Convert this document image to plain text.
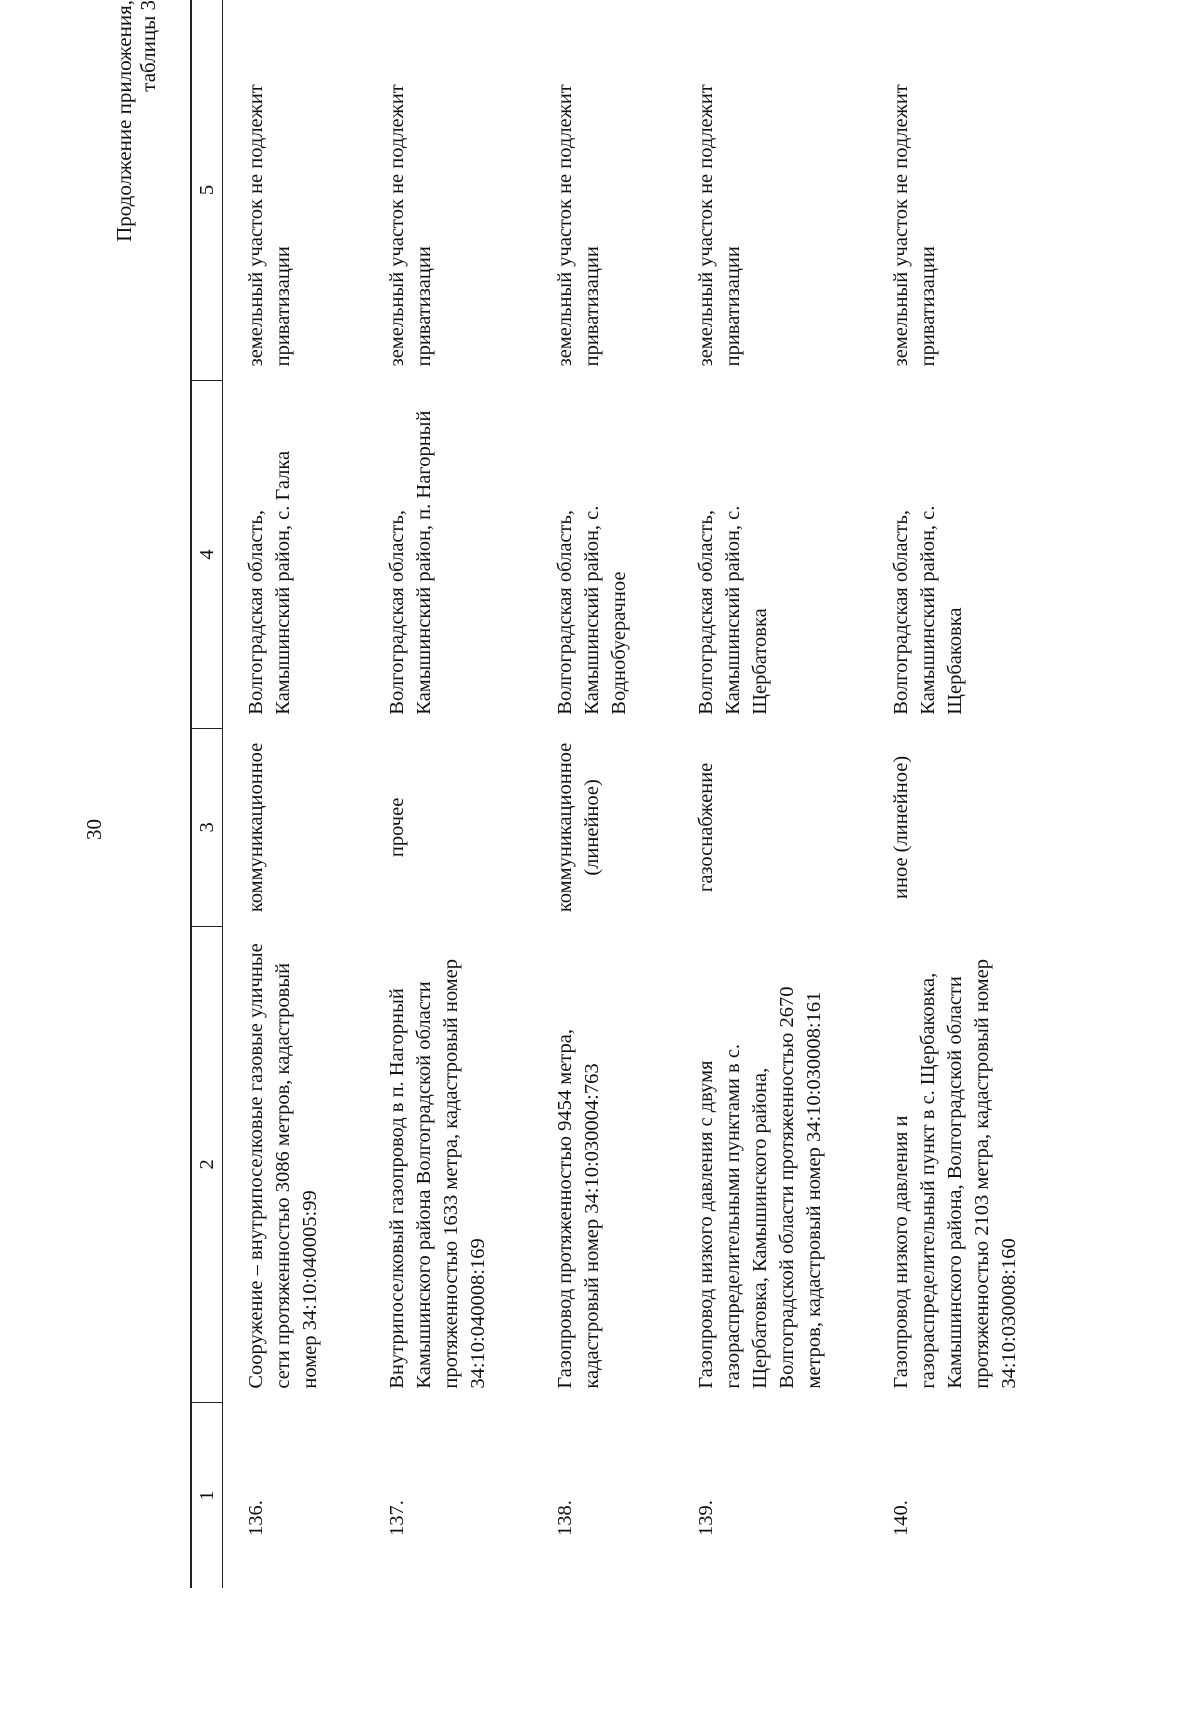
30
Продолжение приложения, таблицы 3
1	2	3	4	5
136.	Сооружение – внутрипоселковые газовые уличные сети протяженностью 3086 метров, кадастровый номер 34:10:040005:99	коммуникационное	Волгоградская область, Камышинский район, с. Галка	земельный участок не подлежит приватизации
137.	Внутрипоселковый газопровод в п. Нагорный Камышинского района Волгоградской области протяженностью 1633 метра, кадастровый номер 34:10:040008:169	прочее	Волгоградская область, Камышинский район, п. Нагорный	земельный участок не подлежит приватизации
138.	Газопровод протяженностью 9454 метра, кадастровый номер 34:10:030004:763	коммуникационное (линейное)	Волгоградская область, Камышинский район, с. Воднобуерачное	земельный участок не подлежит приватизации
139.	Газопровод низкого давления с двумя газораспределительными пунктами в с. Щербатовка, Камышинского района, Волгоградской области протяженностью 2670 метров, кадастровый номер 34:10:030008:161	газоснабжение	Волгоградская область, Камышинский район, с. Щербатовка	земельный участок не подлежит приватизации
140.	Газопровод низкого давления и газораспределительный пункт в с. Щербаковка, Камышинского района, Волгоградской области протяженностью 2103 метра, кадастровый номер 34:10:030008:160	иное (линейное)	Волгоградская область, Камышинский район, с. Щербаковка	земельный участок не подлежит приватизации
